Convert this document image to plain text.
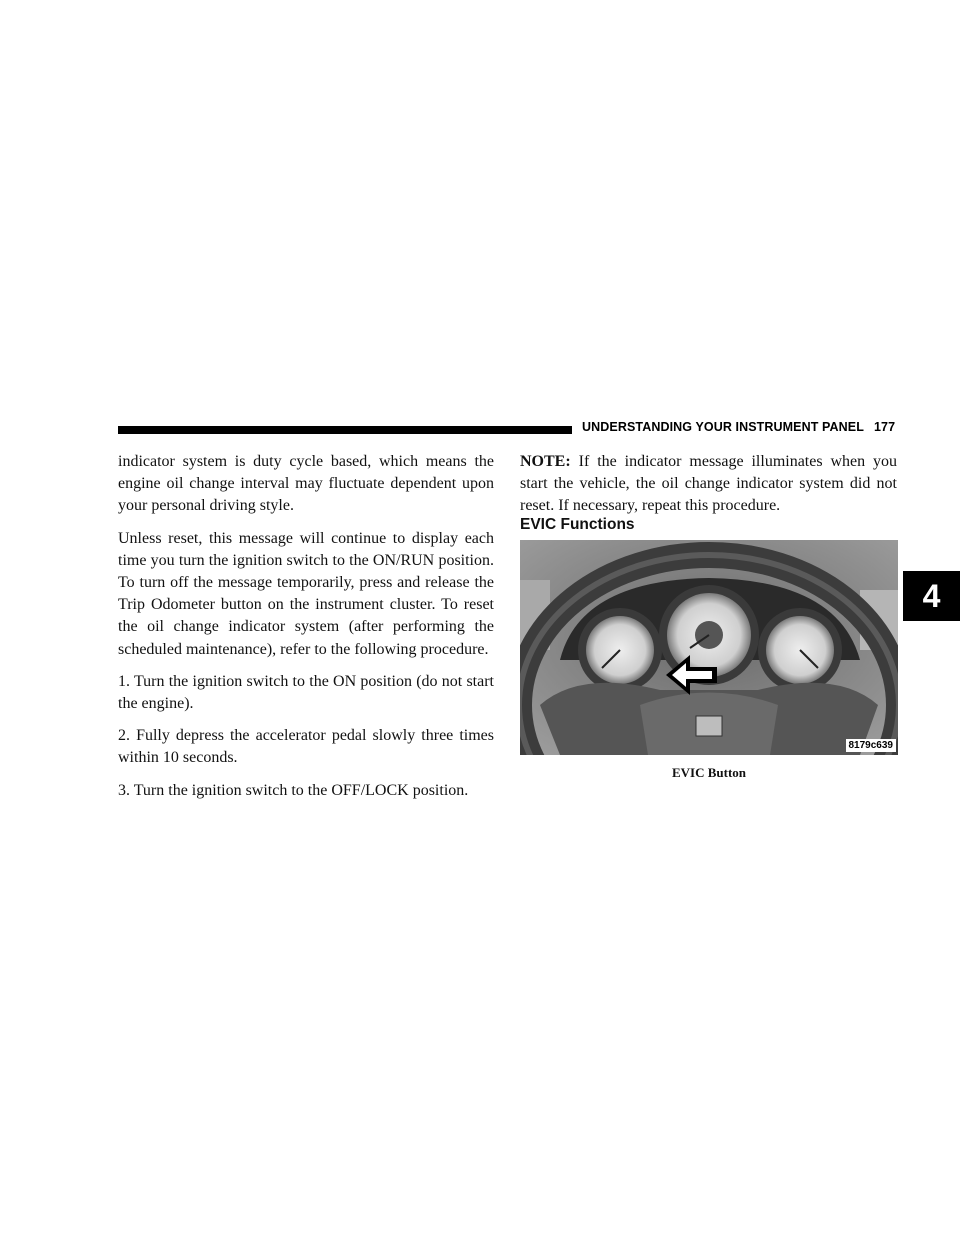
UNDERSTANDING YOUR INSTRUMENT PANEL 177
4

indicator system is duty cycle based, which means the engine oil change interval may fluctuate dependent upon your personal driving style.

Unless reset, this message will continue to display each time you turn the ignition switch to the ON/RUN position. To turn off the message temporarily, press and release the Trip Odometer button on the instrument cluster. To reset the oil change indicator system (after performing the scheduled maintenance), refer to the following procedure.

1. Turn the ignition switch to the ON position (do not start the engine).

2. Fully depress the accelerator pedal slowly three times within 10 seconds.

3. Turn the ignition switch to the OFF/LOCK position.

NOTE: If the indicator message illuminates when you start the vehicle, the oil change indicator system did not reset. If necessary, repeat this procedure.

EVIC Functions
8179c639
EVIC Button
